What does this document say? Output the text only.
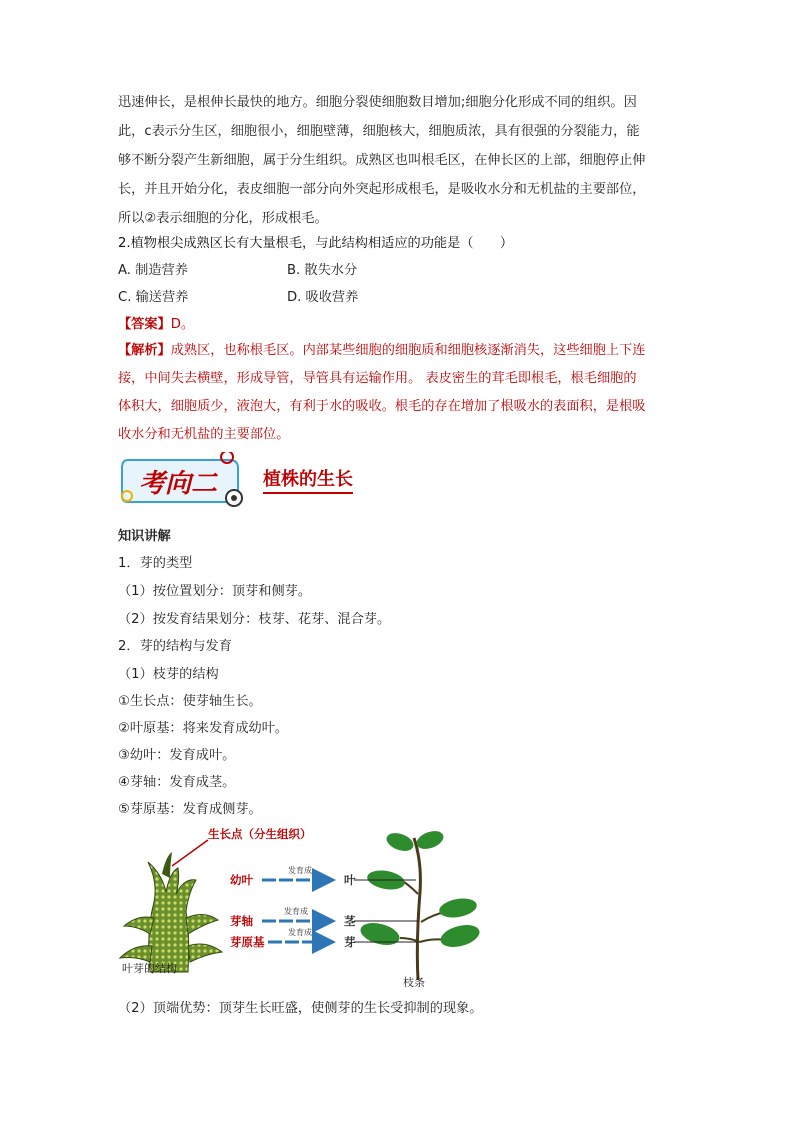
迅速伸长，是根伸长最快的地方。细胞分裂使细胞数目增加;细胞分化形成不同的组织。因
此，c表示分生区，细胞很小，细胞壁薄，细胞核大，细胞质浓，具有很强的分裂能力，能
够不断分裂产生新细胞，属于分生组织。成熟区也叫根毛区，在伸长区的上部，细胞停止伸
长，并且开始分化，表皮细胞一部分向外突起形成根毛，是吸收水分和无机盐的主要部位，
所以②表示细胞的分化，形成根毛。
2.植物根尖成熟区长有大量根毛，与此结构相适应的功能是（　　）
A. 制造营养	B. 散失水分
C. 输送营养	D. 吸收营养
【答案】D。
【解析】成熟区，也称根毛区。内部某些细胞的细胞质和细胞核逐渐消失，这些细胞上下连
接，中间失去横壁，形成导管，导管具有运输作用。 表皮密生的茸毛即根毛，根毛细胞的
体积大，细胞质少，液泡大，有利于水的吸收。根毛的存在增加了根吸水的表面积，是根吸
收水分和无机盐的主要部位。
考向二	植株的生长
知识讲解
1．芽的类型
（1）按位置划分：顶芽和侧芽。
（2）按发育结果划分：枝芽、花芽、混合芽。
2．芽的结构与发育
（1）枝芽的结构
①生长点：使芽轴生长。
②叶原基：将来发育成幼叶。
③幼叶：发育成叶。
④芽轴：发育成茎。
⑤芽原基：发育成侧芽。
生长点（分生组织）
幼叶
发育成
叶
芽轴
发育成
茎
芽原基
发育成
芽
叶芽的结构
枝条
（2）顶端优势：顶芽生长旺盛，使侧芽的生长受抑制的现象。
